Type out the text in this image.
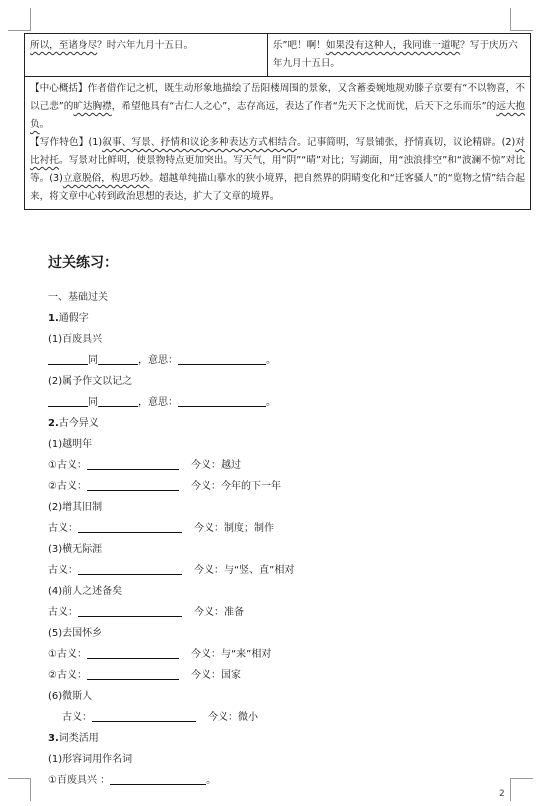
所以，至诸身尽？时六年九月十五日。	乐”吧！啊！如果没有这种人，我同谁一道呢？写于庆历六年九月十五日。

【中心概括】作者借作记之机，既生动形象地描绘了岳阳楼周围的景象，又含蓄委婉地规劝滕子京要有“不以物喜，不以己悲”的旷达胸襟，希望他具有“古仁人之心”，志存高远，表达了作者“先天下之忧而忧，后天下之乐而乐”的远大抱负。

【写作特色】(1)叙事、写景、抒情和议论多种表达方式相结合。记事简明，写景铺张，抒情真切，议论精辟。(2)对比衬托。写景对比鲜明，使景物特点更加突出。写天气，用“阴”“晴”对比；写湖面，用“浊浪排空”和“波澜不惊”对比等。(3)立意脱俗，构思巧妙。超越单纯描山摹水的狭小境界，把自然界的阴晴变化和“迁客骚人”的“览物之情”结合起来，将文章中心转到政治思想的表达，扩大了文章的境界。

过关练习：
一、基础过关
1.通假字
(1)百废具兴
同	，意思：	。
(2)属予作文以记之
同	，意思：	。
2.古今异义
(1)越明年
①古义：	今义：越过
②古义：	今义：今年的下一年
(2)增其旧制
古义：	今义：制度；制作
(3)横无际涯
古义：	今义：与“竖、直”相对
(4)前人之述备矣
古义：	今义：准备
(5)去国怀乡
①古义：	今义：与“来”相对
②古义：	今义：国家
(6)微斯人
古义：	今义：微小
3.词类活用
(1)形容词用作名词
①百废具兴 ：	。
2
